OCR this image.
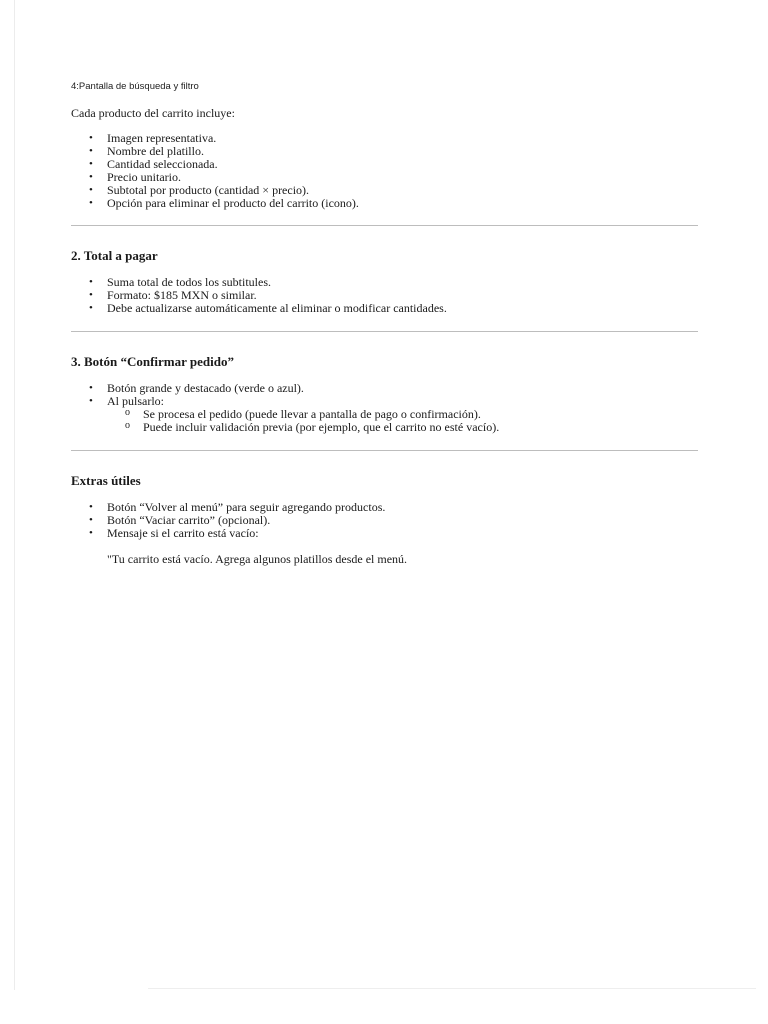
4:Pantalla de búsqueda y filtro

Cada producto del carrito incluye:

• Imagen representativa.
• Nombre del platillo.
• Cantidad seleccionada.
• Precio unitario.
• Subtotal por producto (cantidad × precio).
• Opción para eliminar el producto del carrito (icono).
2. Total a pagar
• Suma total de todos los subtitules.
• Formato: $185 MXN o similar.
• Debe actualizarse automáticamente al eliminar o modificar cantidades.
3. Botón “Confirmar pedido”
• Botón grande y destacado (verde o azul).
• Al pulsarlo:
o Se procesa el pedido (puede llevar a pantalla de pago o confirmación).
o Puede incluir validación previa (por ejemplo, que el carrito no esté vacío).
Extras útiles
• Botón “Volver al menú” para seguir agregando productos.
• Botón “Vaciar carrito” (opcional).
• Mensaje si el carrito está vacío:

"Tu carrito está vacío. Agrega algunos platillos desde el menú.
